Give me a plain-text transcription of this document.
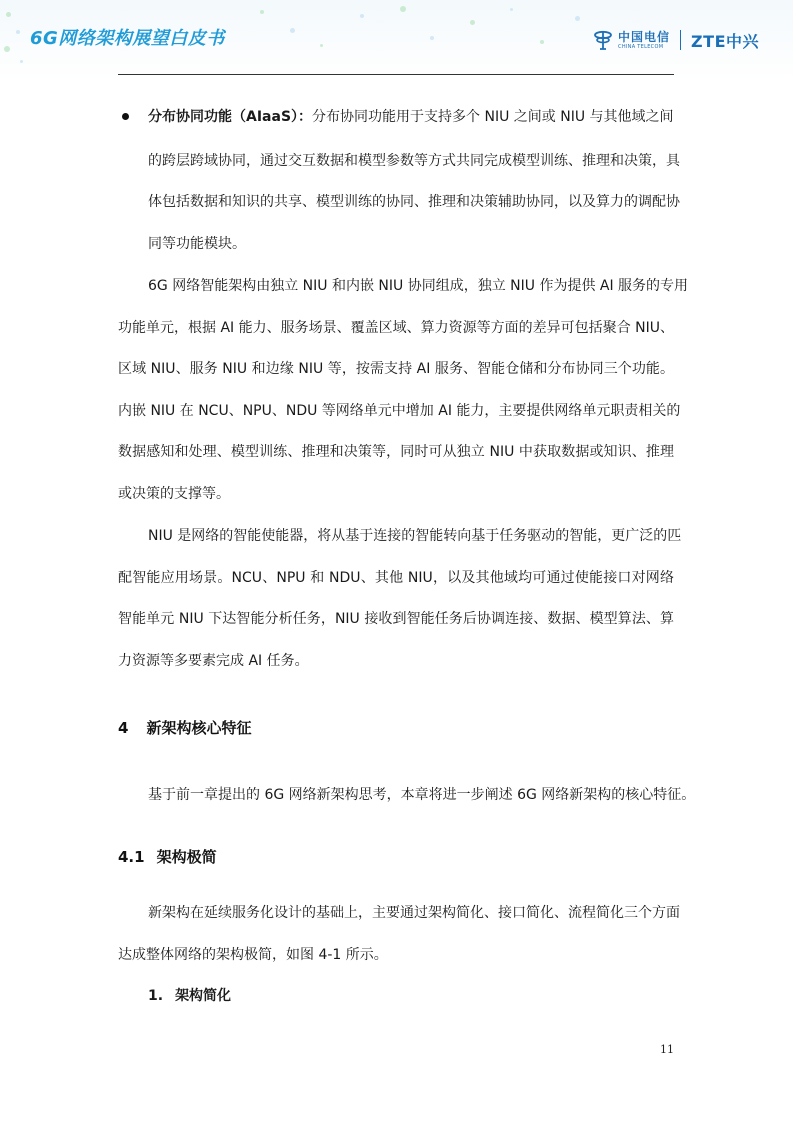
6G网络架构展望白皮书	中国电信
CHINA TELECOM	ZTE中兴
分布协同功能（AIaaS）：分布协同功能用于支持多个 NIU 之间或 NIU 与其他域之间
的跨层跨域协同，通过交互数据和模型参数等方式共同完成模型训练、推理和决策，具
体包括数据和知识的共享、模型训练的协同、推理和决策辅助协同，以及算力的调配协
同等功能模块。
6G 网络智能架构由独立 NIU 和内嵌 NIU 协同组成，独立 NIU 作为提供 AI 服务的专用
功能单元，根据 AI 能力、服务场景、覆盖区域、算力资源等方面的差异可包括聚合 NIU、
区域 NIU、服务 NIU 和边缘 NIU 等，按需支持 AI 服务、智能仓储和分布协同三个功能。
内嵌 NIU 在 NCU、NPU、NDU 等网络单元中增加 AI 能力，主要提供网络单元职责相关的
数据感知和处理、模型训练、推理和决策等，同时可从独立 NIU 中获取数据或知识、推理
或决策的支撑等。
NIU 是网络的智能使能器，将从基于连接的智能转向基于任务驱动的智能，更广泛的匹
配智能应用场景。NCU、NPU 和 NDU、其他 NIU，以及其他域均可通过使能接口对网络
智能单元 NIU 下达智能分析任务，NIU 接收到智能任务后协调连接、数据、模型算法、算
力资源等多要素完成 AI 任务。
4 新架构核心特征
基于前一章提出的 6G 网络新架构思考，本章将进一步阐述 6G 网络新架构的核心特征。
4.1 架构极简
新架构在延续服务化设计的基础上，主要通过架构简化、接口简化、流程简化三个方面
达成整体网络的架构极简，如图 4-1 所示。
1. 架构简化
11
